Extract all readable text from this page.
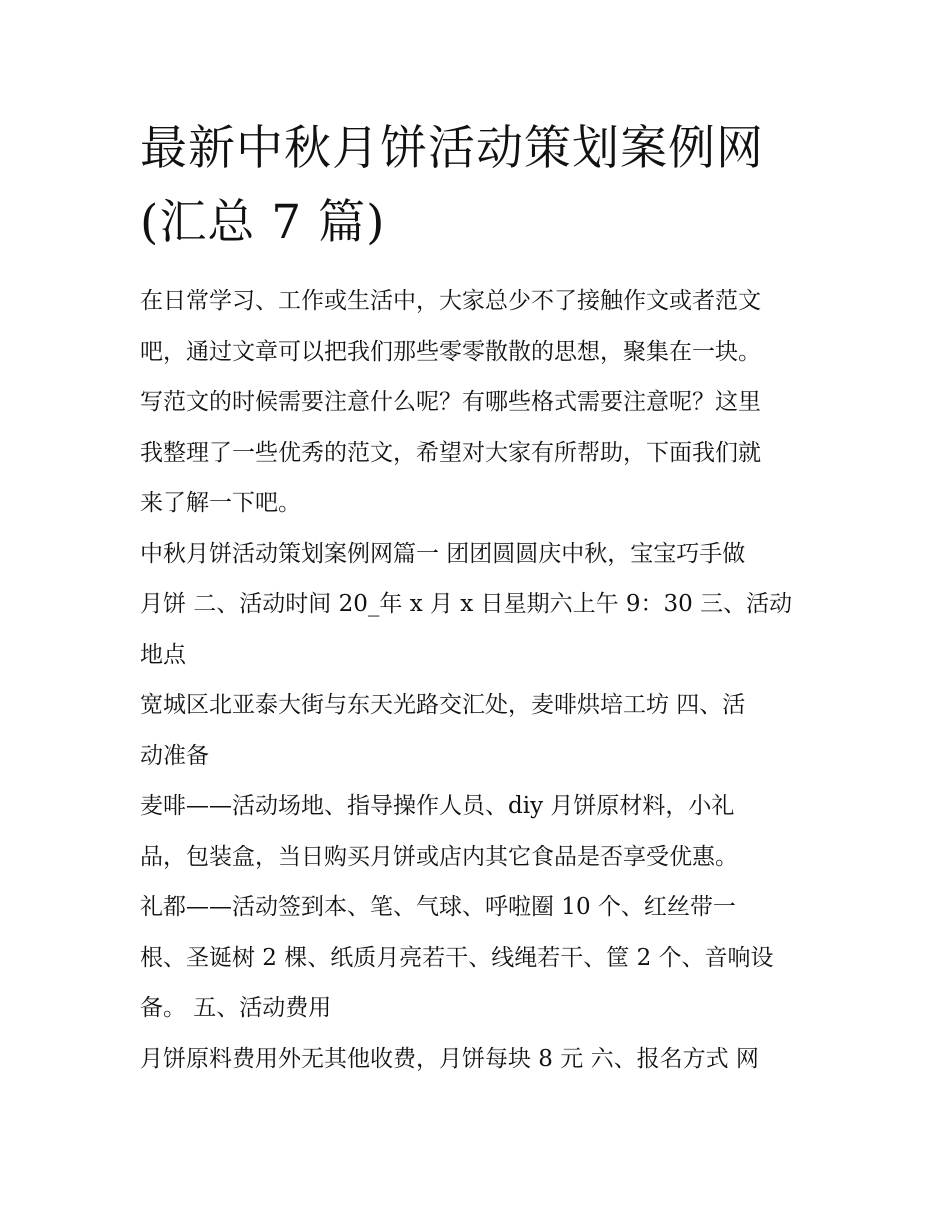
最新中秋月饼活动策划案例网
(汇总 7 篇)

在日常学习、工作或生活中，大家总少不了接触作文或者范文

吧，通过文章可以把我们那些零零散散的思想，聚集在一块。

写范文的时候需要注意什么呢？有哪些格式需要注意呢？这里

我整理了一些优秀的范文，希望对大家有所帮助，下面我们就

来了解一下吧。

中秋月饼活动策划案例网篇一 团团圆圆庆中秋，宝宝巧手做

月饼 二、活动时间 20_年 x 月 x 日星期六上午 9：30 三、活动

地点

宽城区北亚泰大街与东天光路交汇处，麦啡烘培工坊 四、活

动准备

麦啡——活动场地、指导操作人员、diy 月饼原材料，小礼

品，包装盒，当日购买月饼或店内其它食品是否享受优惠。

礼都——活动签到本、笔、气球、呼啦圈 10 个、红丝带一

根、圣诞树 2 棵、纸质月亮若干、线绳若干、筐 2 个、音响设

备。 五、活动费用

月饼原料费用外无其他收费，月饼每块 8 元 六、报名方式 网
